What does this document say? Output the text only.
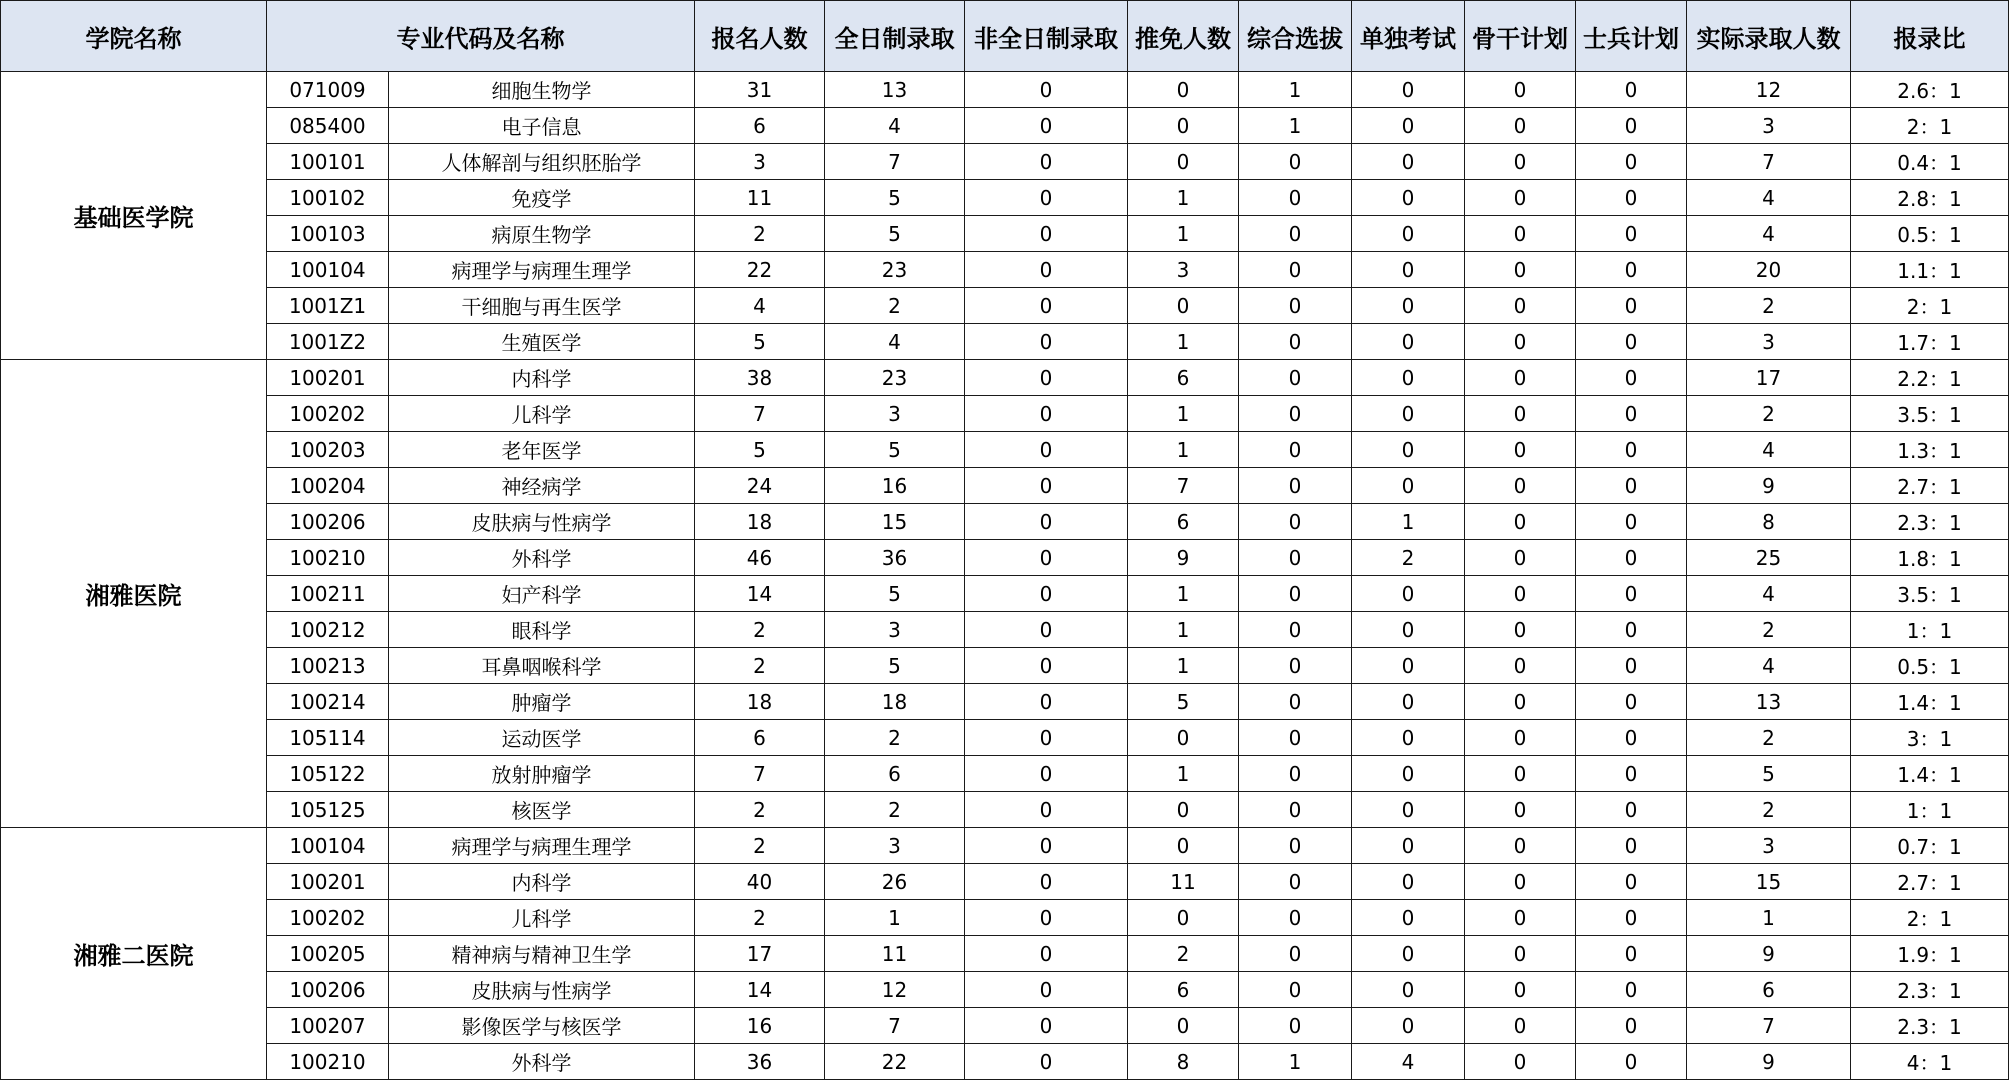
学院名称	专业代码及名称		报名人数	全日制录取	非全日制录取	推免人数	综合选拔	单独考试	骨干计划	士兵计划	实际录取人数	报录比
基础医学院	071009	细胞生物学	31	13	0	0	1	0	0	0	12	2.6：1
	085400	电子信息	6	4	0	0	1	0	0	0	3	2：1
	100101	人体解剖与组织胚胎学	3	7	0	0	0	0	0	0	7	0.4：1
	100102	免疫学	11	5	0	1	0	0	0	0	4	2.8：1
	100103	病原生物学	2	5	0	1	0	0	0	0	4	0.5：1
	100104	病理学与病理生理学	22	23	0	3	0	0	0	0	20	1.1：1
	1001Z1	干细胞与再生医学	4	2	0	0	0	0	0	0	2	2：1
	1001Z2	生殖医学	5	4	0	1	0	0	0	0	3	1.7：1
湘雅医院	100201	内科学	38	23	0	6	0	0	0	0	17	2.2：1
	100202	儿科学	7	3	0	1	0	0	0	0	2	3.5：1
	100203	老年医学	5	5	0	1	0	0	0	0	4	1.3：1
	100204	神经病学	24	16	0	7	0	0	0	0	9	2.7：1
	100206	皮肤病与性病学	18	15	0	6	0	1	0	0	8	2.3：1
	100210	外科学	46	36	0	9	0	2	0	0	25	1.8：1
	100211	妇产科学	14	5	0	1	0	0	0	0	4	3.5：1
	100212	眼科学	2	3	0	1	0	0	0	0	2	1：1
	100213	耳鼻咽喉科学	2	5	0	1	0	0	0	0	4	0.5：1
	100214	肿瘤学	18	18	0	5	0	0	0	0	13	1.4：1
	105114	运动医学	6	2	0	0	0	0	0	0	2	3：1
	105122	放射肿瘤学	7	6	0	1	0	0	0	0	5	1.4：1
	105125	核医学	2	2	0	0	0	0	0	0	2	1：1
湘雅二医院	100104	病理学与病理生理学	2	3	0	0	0	0	0	0	3	0.7：1
	100201	内科学	40	26	0	11	0	0	0	0	15	2.7：1
	100202	儿科学	2	1	0	0	0	0	0	0	1	2：1
	100205	精神病与精神卫生学	17	11	0	2	0	0	0	0	9	1.9：1
	100206	皮肤病与性病学	14	12	0	6	0	0	0	0	6	2.3：1
	100207	影像医学与核医学	16	7	0	0	0	0	0	0	7	2.3：1
	100210	外科学	36	22	0	8	1	4	0	0	9	4：1
